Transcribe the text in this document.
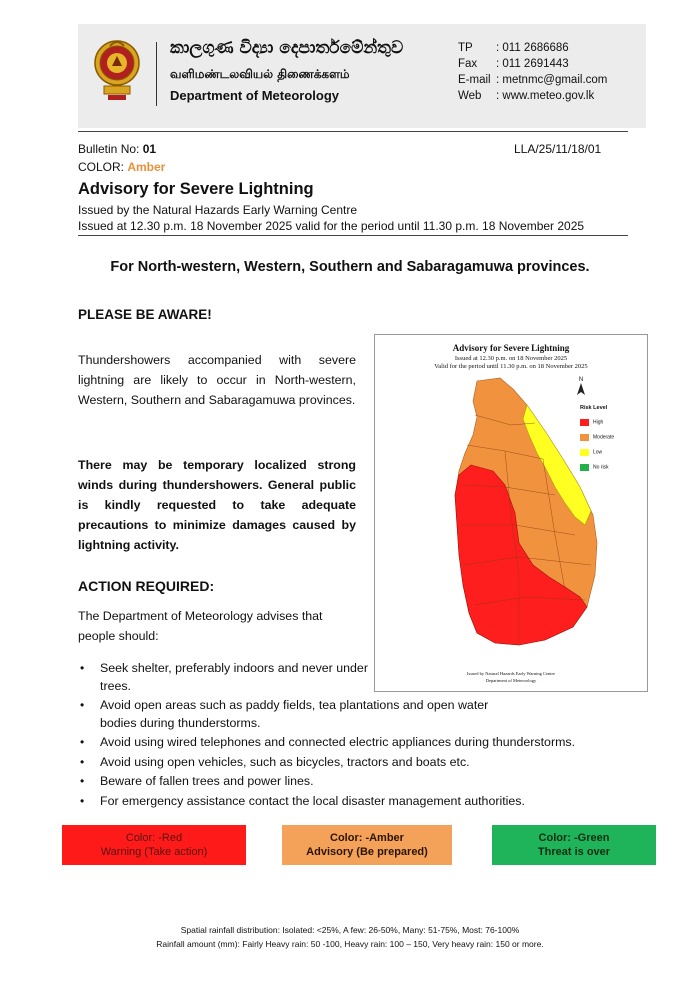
කාලගුණ විද්‍යා දෙපාර්තමේන්තුව
வளிமண்டலவியல் திணைக்களம்
Department of Meteorology
TP : 011 2686686
Fax : 011 2691443
E-mail : metnmc@gmail.com
Web : www.meteo.gov.lk
Bulletin No: 01	LLA/25/11/18/01
COLOR: Amber
Advisory for Severe Lightning
Issued by the Natural Hazards Early Warning Centre
Issued at 12.30 p.m. 18 November 2025 valid for the period until 11.30 p.m. 18 November 2025
For North-western, Western, Southern and Sabaragamuwa provinces.
PLEASE BE AWARE!
Thundershowers accompanied with severe lightning are likely to occur in North-western, Western, Southern and Sabaragamuwa provinces.
There may be temporary localized strong winds during thundershowers. General public is kindly requested to take adequate precautions to minimize damages caused by lightning activity.
ACTION REQUIRED:
The Department of Meteorology advises that people should:
Advisory for Severe Lightning
Issued at 12.30 p.m. on 18 November 2025
Valid for the period until 11.30 p.m. on 18 November 2025
N
Risk Level
High
Moderate
Low
No risk
Issued by Natural Hazards Early Warning Centre
Department of Meteorology
• Seek shelter, preferably indoors and never under trees.
• Avoid open areas such as paddy fields, tea plantations and open water bodies during thunderstorms.
• Avoid using wired telephones and connected electric appliances during thunderstorms.
• Avoid using open vehicles, such as bicycles, tractors and boats etc.
• Beware of fallen trees and power lines.
• For emergency assistance contact the local disaster management authorities.
Color: -Red
Warning (Take action)
Color: -Amber
Advisory (Be prepared)
Color: -Green
Threat is over
Spatial rainfall distribution: Isolated: <25%, A few: 26-50%, Many: 51-75%, Most: 76-100%
Rainfall amount (mm): Fairly Heavy rain: 50 -100, Heavy rain: 100 – 150, Very heavy rain: 150 or more.
